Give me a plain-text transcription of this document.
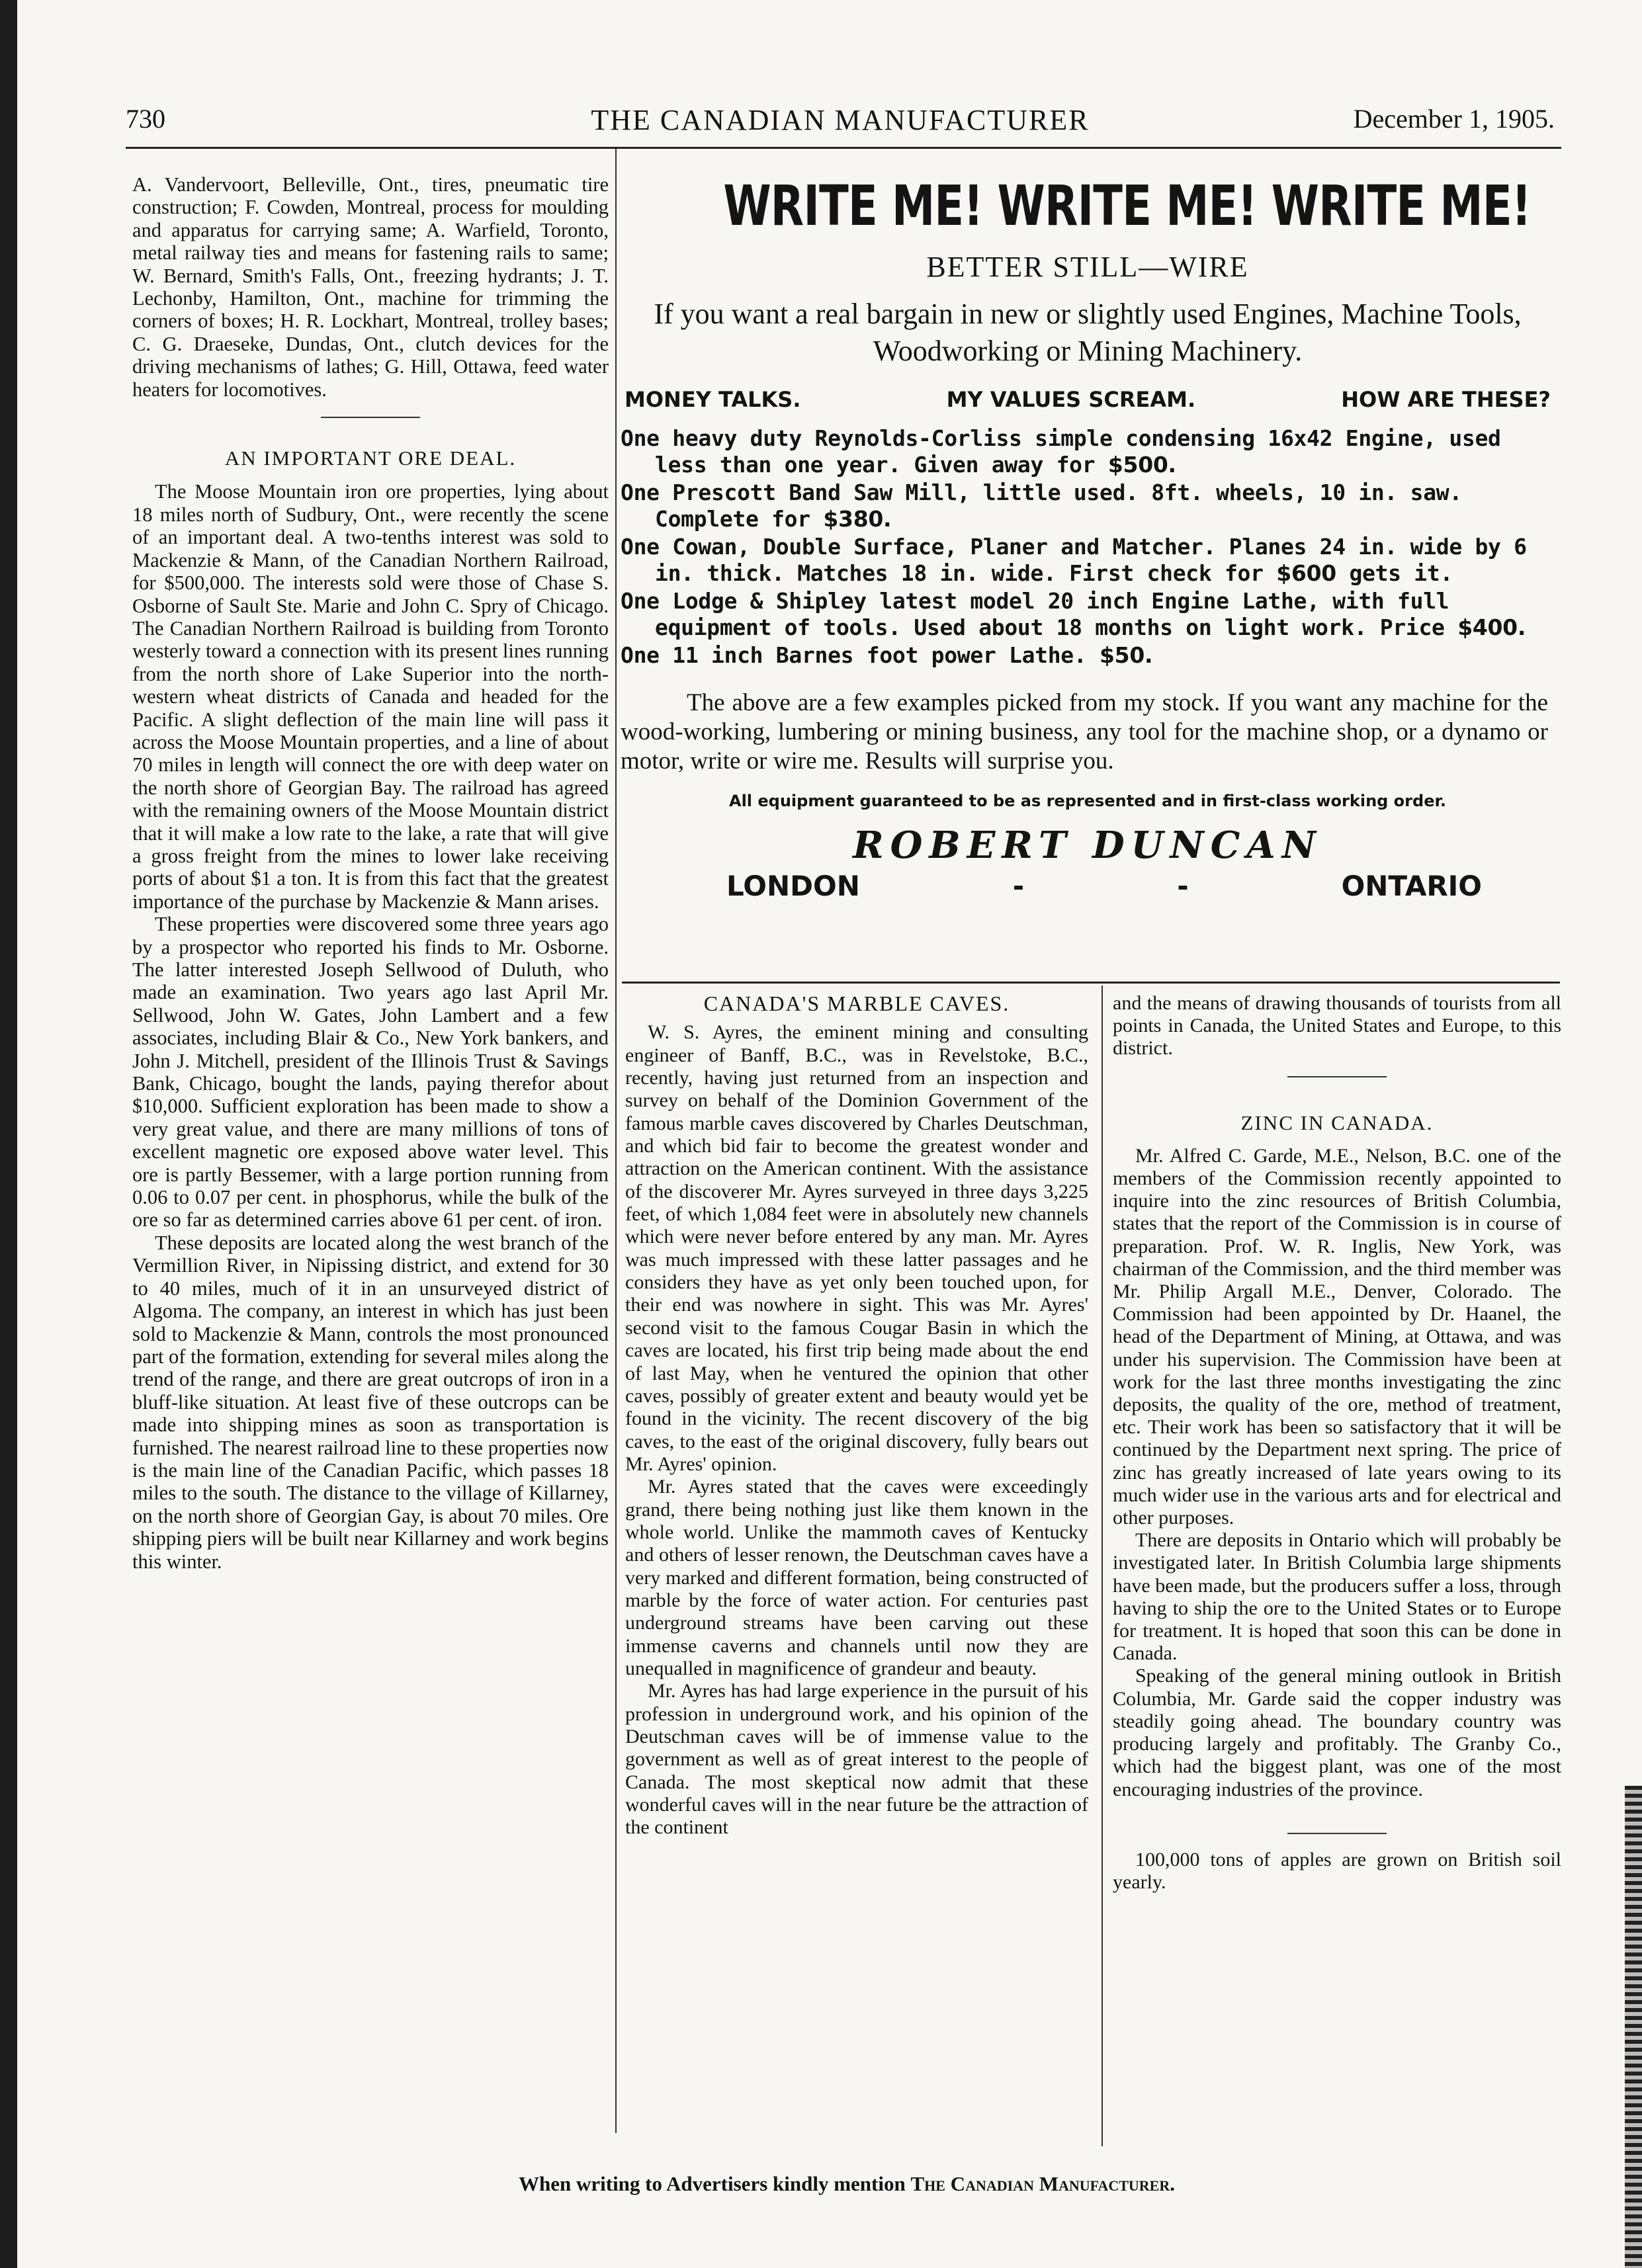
730	THE CANADIAN MANUFACTURER	December 1, 1905.

A. Vandervoort, Belleville, Ont., tires, pneumatic tire construction; F. Cowden, Montreal, process for moulding and apparatus for carrying same; A. Warfield, Toronto, metal railway ties and means for fastening rails to same; W. Bernard, Smith's Falls, Ont., freezing hydrants; J. T. Lechonby, Hamilton, Ont., machine for trimming the corners of boxes; H. R. Lockhart, Montreal, trolley bases; C. G. Draeseke, Dundas, Ont., clutch devices for the driving mechanisms of lathes; G. Hill, Ottawa, feed water heaters for locomotives.

AN IMPORTANT ORE DEAL.

The Moose Mountain iron ore properties, lying about 18 miles north of Sudbury, Ont., were recently the scene of an important deal. A two-tenths interest was sold to Mackenzie & Mann, of the Canadian Northern Railroad, for $500,000. The interests sold were those of Chase S. Osborne of Sault Ste. Marie and John C. Spry of Chicago. The Canadian Northern Railroad is building from Toronto westerly toward a connection with its present lines running from the north shore of Lake Superior into the north-western wheat districts of Canada and headed for the Pacific. A slight deflection of the main line will pass it across the Moose Mountain properties, and a line of about 70 miles in length will connect the ore with deep water on the north shore of Georgian Bay. The railroad has agreed with the remaining owners of the Moose Mountain district that it will make a low rate to the lake, a rate that will give a gross freight from the mines to lower lake receiving ports of about $1 a ton. It is from this fact that the greatest importance of the purchase by Mackenzie & Mann arises.

These properties were discovered some three years ago by a prospector who reported his finds to Mr. Osborne. The latter interested Joseph Sellwood of Duluth, who made an examination. Two years ago last April Mr. Sellwood, John W. Gates, John Lambert and a few associates, including Blair & Co., New York bankers, and John J. Mitchell, president of the Illinois Trust & Savings Bank, Chicago, bought the lands, paying therefor about $10,000. Sufficient exploration has been made to show a very great value, and there are many millions of tons of excellent magnetic ore exposed above water level. This ore is partly Bessemer, with a large portion running from 0.06 to 0.07 per cent. in phosphorus, while the bulk of the ore so far as determined carries above 61 per cent. of iron.

These deposits are located along the west branch of the Vermillion River, in Nipissing district, and extend for 30 to 40 miles, much of it in an unsurveyed district of Algoma. The company, an interest in which has just been sold to Mackenzie & Mann, controls the most pronounced part of the formation, extending for several miles along the trend of the range, and there are great outcrops of iron in a bluff-like situation. At least five of these outcrops can be made into shipping mines as soon as transportation is furnished. The nearest railroad line to these properties now is the main line of the Canadian Pacific, which passes 18 miles to the south. The distance to the village of Killarney, on the north shore of Georgian Gay, is about 70 miles. Ore shipping piers will be built near Killarney and work begins this winter.

WRITE ME! WRITE ME! WRITE ME!
BETTER STILL—WIRE
If you want a real bargain in new or slightly used Engines, Machine Tools, Woodworking or Mining Machinery.
MONEY TALKS.	MY VALUES SCREAM.	HOW ARE THESE?
One heavy duty Reynolds-Corliss simple condensing 16x42 Engine, used less than one year. Given away for $500.
One Prescott Band Saw Mill, little used. 8ft. wheels, 10 in. saw. Complete for $380.
One Cowan, Double Surface, Planer and Matcher. Planes 24 in. wide by 6 in. thick. Matches 18 in. wide. First check for $600 gets it.
One Lodge & Shipley latest model 20 inch Engine Lathe, with full equipment of tools. Used about 18 months on light work. Price $400.
One 11 inch Barnes foot power Lathe. $50.
The above are a few examples picked from my stock. If you want any machine for the wood-working, lumbering or mining business, any tool for the machine shop, or a dynamo or motor, write or wire me. Results will surprise you.
All equipment guaranteed to be as represented and in first-class working order.
ROBERT DUNCAN
LONDON	-	-	ONTARIO
CANADA'S MARBLE CAVES.

W. S. Ayres, the eminent mining and consulting engineer of Banff, B.C., was in Revelstoke, B.C., recently, having just returned from an inspection and survey on behalf of the Dominion Government of the famous marble caves discovered by Charles Deutschman, and which bid fair to become the greatest wonder and attraction on the American continent. With the assistance of the discoverer Mr. Ayres surveyed in three days 3,225 feet, of which 1,084 feet were in absolutely new channels which were never before entered by any man. Mr. Ayres was much impressed with these latter passages and he considers they have as yet only been touched upon, for their end was nowhere in sight. This was Mr. Ayres' second visit to the famous Cougar Basin in which the caves are located, his first trip being made about the end of last May, when he ventured the opinion that other caves, possibly of greater extent and beauty would yet be found in the vicinity. The recent discovery of the big caves, to the east of the original discovery, fully bears out Mr. Ayres' opinion.

Mr. Ayres stated that the caves were exceedingly grand, there being nothing just like them known in the whole world. Unlike the mammoth caves of Kentucky and others of lesser renown, the Deutschman caves have a very marked and different formation, being constructed of marble by the force of water action. For centuries past underground streams have been carving out these immense caverns and channels until now they are unequalled in magnificence of grandeur and beauty.

Mr. Ayres has had large experience in the pursuit of his profession in underground work, and his opinion of the Deutschman caves will be of immense value to the government as well as of great interest to the people of Canada. The most skeptical now admit that these wonderful caves will in the near future be the attraction of the continent

and the means of drawing thousands of tourists from all points in Canada, the United States and Europe, to this district.

ZINC IN CANADA.

Mr. Alfred C. Garde, M.E., Nelson, B.C. one of the members of the Commission recently appointed to inquire into the zinc resources of British Columbia, states that the report of the Commission is in course of preparation. Prof. W. R. Inglis, New York, was chairman of the Commission, and the third member was Mr. Philip Argall M.E., Denver, Colorado. The Commission had been appointed by Dr. Haanel, the head of the Department of Mining, at Ottawa, and was under his supervision. The Commission have been at work for the last three months investigating the zinc deposits, the quality of the ore, method of treatment, etc. Their work has been so satisfactory that it will be continued by the Department next spring. The price of zinc has greatly increased of late years owing to its much wider use in the various arts and for electrical and other purposes.

There are deposits in Ontario which will probably be investigated later. In British Columbia large shipments have been made, but the producers suffer a loss, through having to ship the ore to the United States or to Europe for treatment. It is hoped that soon this can be done in Canada.

Speaking of the general mining outlook in British Columbia, Mr. Garde said the copper industry was steadily going ahead. The boundary country was producing largely and profitably. The Granby Co., which had the biggest plant, was one of the most encouraging industries of the province.

100,000 tons of apples are grown on British soil yearly.

When writing to Advertisers kindly mention The Canadian Manufacturer.
